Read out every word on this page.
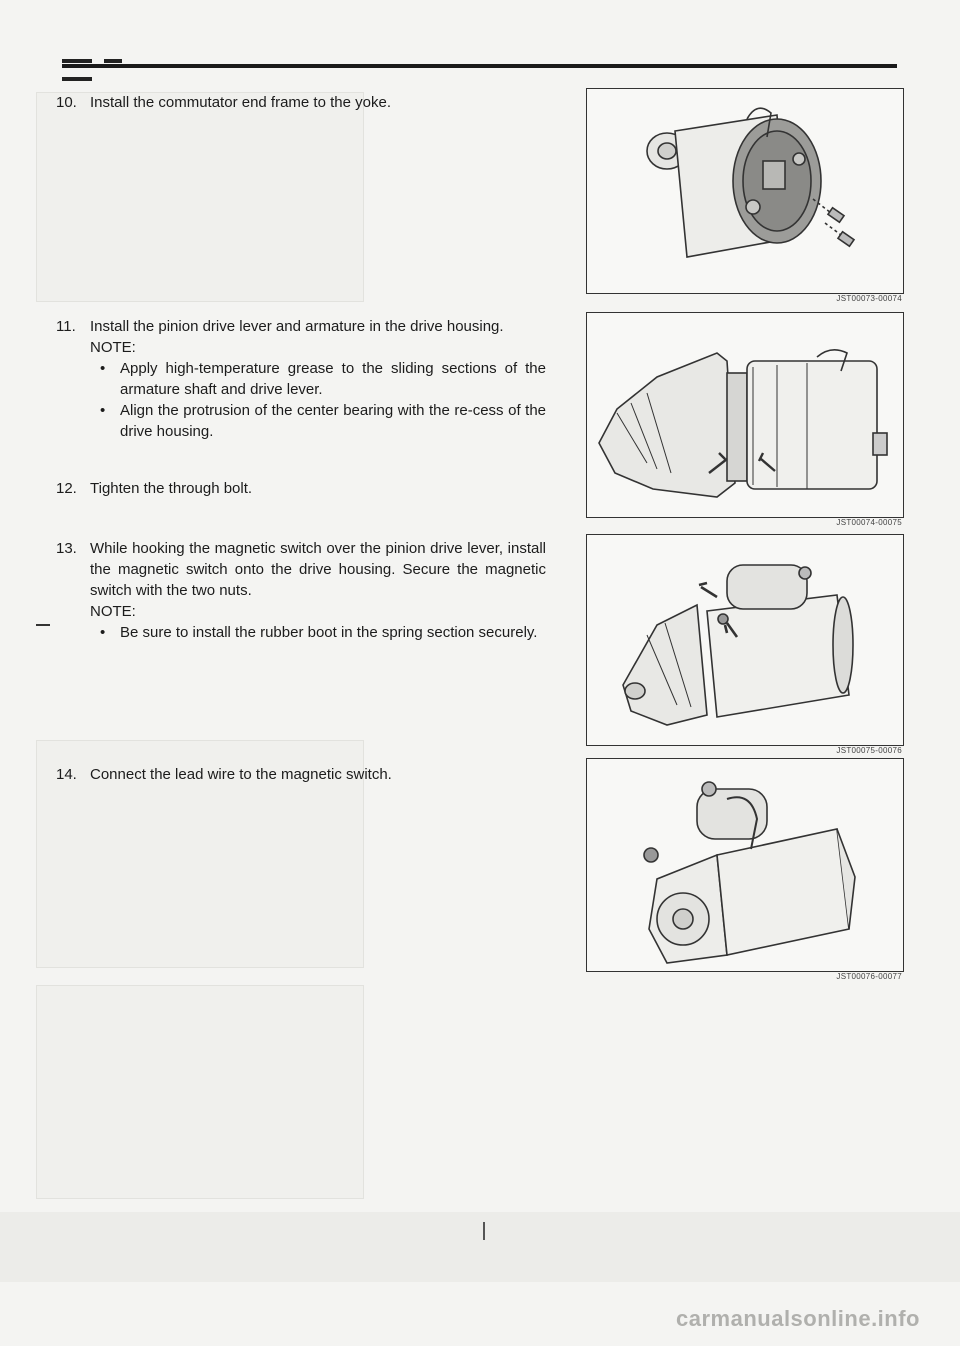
10. Install the commutator end frame to the yoke.
11. Install the pinion drive lever and armature in the drive housing.
NOTE:
• Apply high-temperature grease to the sliding sections of the armature shaft and drive lever.
• Align the protrusion of the center bearing with the re-cess of the drive housing.
12. Tighten the through bolt.
13. While hooking the magnetic switch over the pinion drive lever, install the magnetic switch onto the drive housing. Secure the magnetic switch with the two nuts.
NOTE:
• Be sure to install the rubber boot in the spring section securely.
14. Connect the lead wire to the magnetic switch.
JST00073-00074
JST00074-00075
JST00075-00076
JST00076-00077
carmanualsonline.info
